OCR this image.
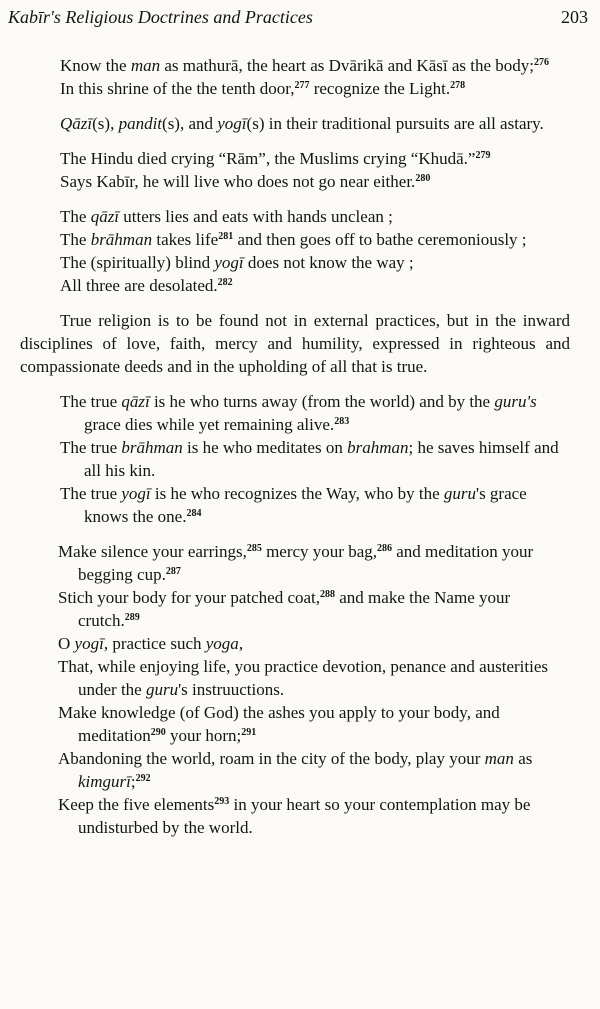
Kabīr's Religious Doctrines and Practices	203

Know the man as mathurā, the heart as Dvārikā and Kāsī as the body;$^{276}$

In this shrine of the the tenth door,$^{277}$ recognize the Light.$^{278}$

Qāzī(s), pandit(s), and yogī(s) in their traditional pursuits are all astary.

The Hindu died crying “Rām”, the Muslims crying “Khudā.”$^{279}$

Says Kabīr, he will live who does not go near either.$^{280}$

The qāzī utters lies and eats with hands unclean ;

The brāhman takes life$^{281}$ and then goes off to bathe ceremoniously ;

The (spiritually) blind yogī does not know the way ;

All three are desolated.$^{282}$

True religion is to be found not in external practices, but in the inward disciplines of love, faith, mercy and humility, expressed in righteous and compassionate deeds and in the upholding of all that is true.

The true qāzī is he who turns away (from the world) and by the guru's grace dies while yet remaining alive.$^{283}$

The true brāhman is he who meditates on brahman; he saves himself and all his kin.

The true yogī is he who recognizes the Way, who by the guru's grace knows the one.$^{284}$

Make silence your earrings,$^{285}$ mercy your bag,$^{286}$ and meditation your begging cup.$^{287}$

Stich your body for your patched coat,$^{288}$ and make the Name your crutch.$^{289}$

O yogī, practice such yoga,

That, while enjoying life, you practice devotion, penance and austerities under the guru's instruuctions.

Make knowledge (of God) the ashes you apply to your body, and meditation$^{290}$ your horn;$^{291}$

Abandoning the world, roam in the city of the body, play your man as kimgurī;$^{292}$

Keep the five elements$^{293}$ in your heart so your contemplation may be undisturbed by the world.
